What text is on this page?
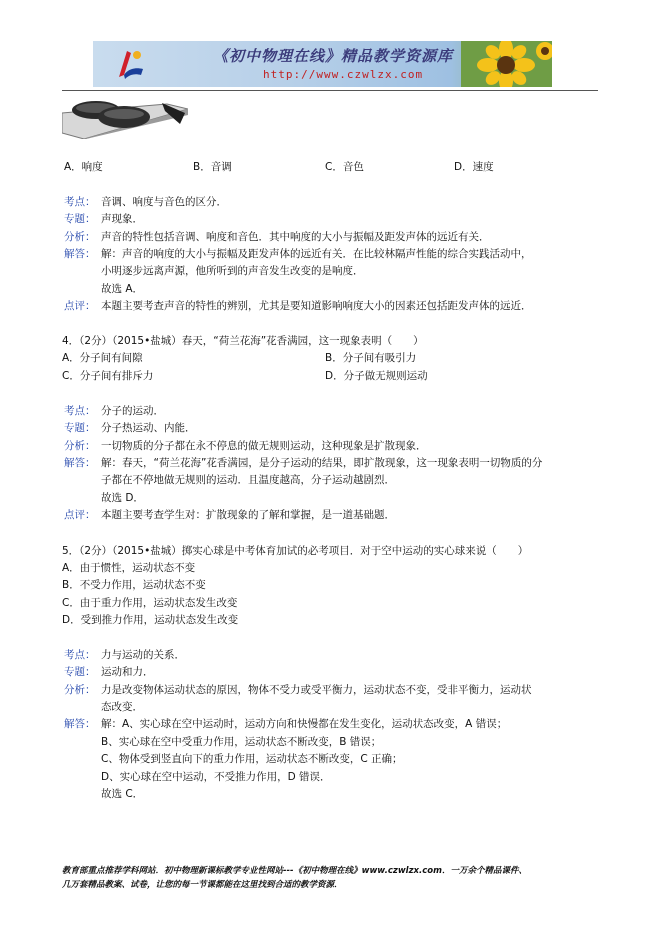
《初中物理在线》精品教学资源库
http://www.czwlzx.com
A．响度	B．音调	C．音色	D．速度
考点： 音调、响度与音色的区分．
专题： 声现象．
分析： 声音的特性包括音调、响度和音色．其中响度的大小与振幅及距发声体的远近有关．
解答： 解：声音的响度的大小与振幅及距发声体的远近有关．在比较林隔声性能的综合实践活动中，
小明逐步远离声源，他所听到的声音发生改变的是响度．
故选 A．
点评： 本题主要考查声音的特性的辨别，尤其是要知道影响响度大小的因素还包括距发声体的远近．
4．（2分）（2015•盐城）春天，“荷兰花海”花香满园，这一现象表明（　　）
A．分子间有间隙	B．分子间有吸引力
C．分子间有排斥力	D．分子做无规则运动
考点： 分子的运动．
专题： 分子热运动、内能．
分析： 一切物质的分子都在永不停息的做无规则运动，这种现象是扩散现象．
解答： 解：春天，“荷兰花海”花香满园，是分子运动的结果，即扩散现象，这一现象表明一切物质的分
子都在不停地做无规则的运动．且温度越高，分子运动越剧烈．
故选 D．
点评： 本题主要考查学生对：扩散现象的了解和掌握，是一道基础题．
5．（2分）（2015•盐城）掷实心球是中考体育加试的必考项目．对于空中运动的实心球来说（　　）
A．由于惯性，运动状态不变
B．不受力作用，运动状态不变
C．由于重力作用，运动状态发生改变
D．受到推力作用，运动状态发生改变
考点： 力与运动的关系．
专题： 运动和力．
分析： 力是改变物体运动状态的原因，物体不受力或受平衡力，运动状态不变，受非平衡力，运动状
态改变．
解答： 解：A、实心球在空中运动时，运动方向和快慢都在发生变化，运动状态改变，A 错误；
B、实心球在空中受重力作用，运动状态不断改变，B 错误；
C、物体受到竖直向下的重力作用，运动状态不断改变，C 正确；
D、实心球在空中运动，不受推力作用，D 错误．
故选 C．
教育部重点推荐学科网站．初中物理新课标教学专业性网站---《初中物理在线》www.czwlzx.com．一万余个精品课件、
几万套精品教案、试卷，让您的每一节课都能在这里找到合适的教学资源．
